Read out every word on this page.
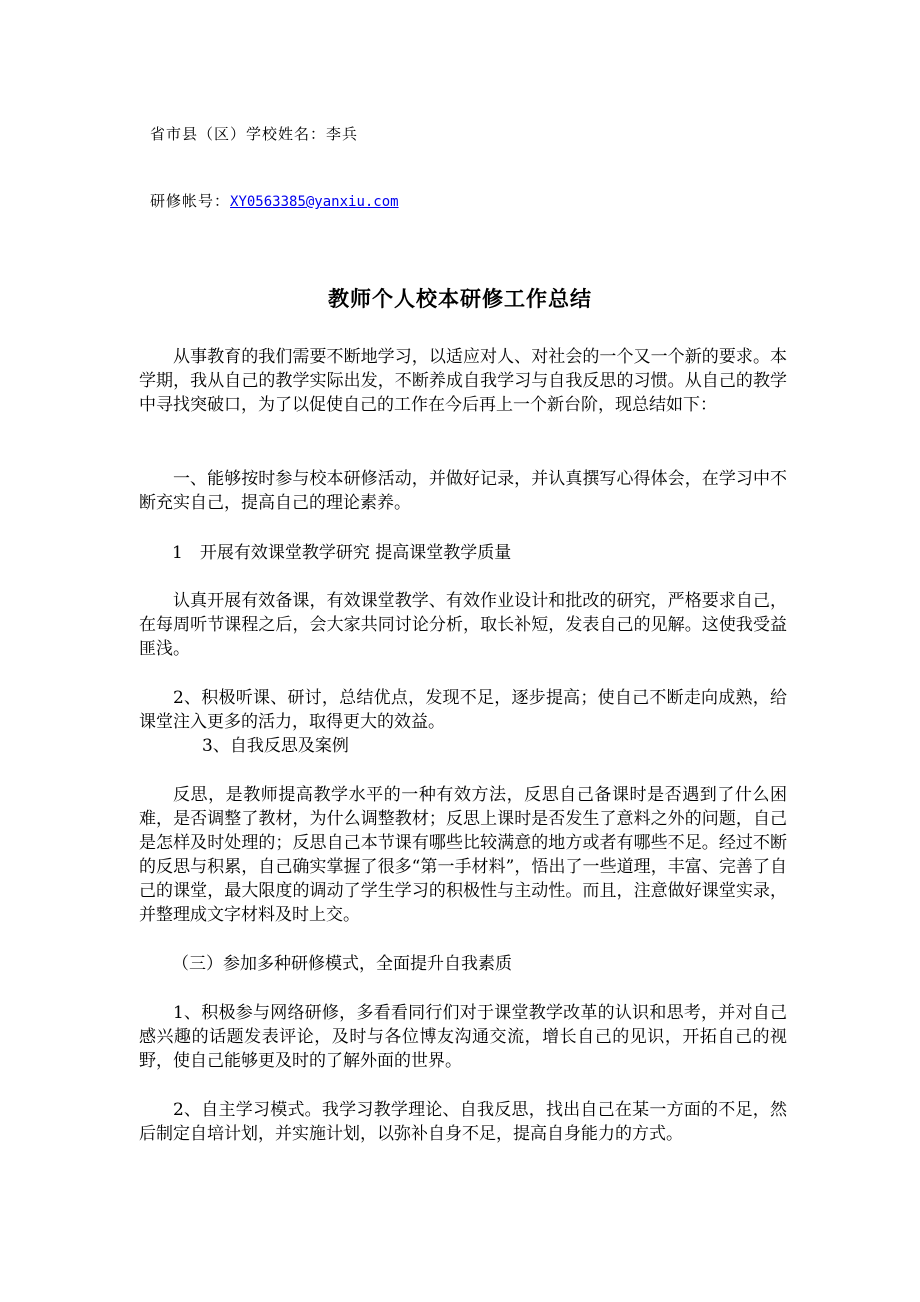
省市县（区）学校姓名：李兵
研修帐号：XY0563385@yanxiu.com
教师个人校本研修工作总结
从事教育的我们需要不断地学习，以适应对人、对社会的一个又一个新的要求。本学期，我从自己的教学实际出发，不断养成自我学习与自我反思的习惯。从自己的教学中寻找突破口，为了以促使自己的工作在今后再上一个新台阶，现总结如下：
一、能够按时参与校本研修活动，并做好记录，并认真撰写心得体会，在学习中不断充实自己，提高自己的理论素养。
1　开展有效课堂教学研究 提高课堂教学质量
认真开展有效备课，有效课堂教学、有效作业设计和批改的研究，严格要求自己，在每周听节课程之后，会大家共同讨论分析，取长补短，发表自己的见解。这使我受益匪浅。
2、积极听课、研讨，总结优点，发现不足，逐步提高；使自己不断走向成熟，给课堂注入更多的活力，取得更大的效益。
3、自我反思及案例
反思，是教师提高教学水平的一种有效方法，反思自己备课时是否遇到了什么困难，是否调整了教材，为什么调整教材；反思上课时是否发生了意料之外的问题，自己是怎样及时处理的；反思自己本节课有哪些比较满意的地方或者有哪些不足。经过不断的反思与积累，自己确实掌握了很多“第一手材料”，悟出了一些道理，丰富、完善了自己的课堂，最大限度的调动了学生学习的积极性与主动性。而且，注意做好课堂实录，并整理成文字材料及时上交。
（三）参加多种研修模式，全面提升自我素质
1、积极参与网络研修，多看看同行们对于课堂教学改革的认识和思考，并对自己感兴趣的话题发表评论，及时与各位博友沟通交流，增长自己的见识，开拓自己的视野，使自己能够更及时的了解外面的世界。
2、自主学习模式。我学习教学理论、自我反思，找出自己在某一方面的不足，然后制定自培计划，并实施计划，以弥补自身不足，提高自身能力的方式。
